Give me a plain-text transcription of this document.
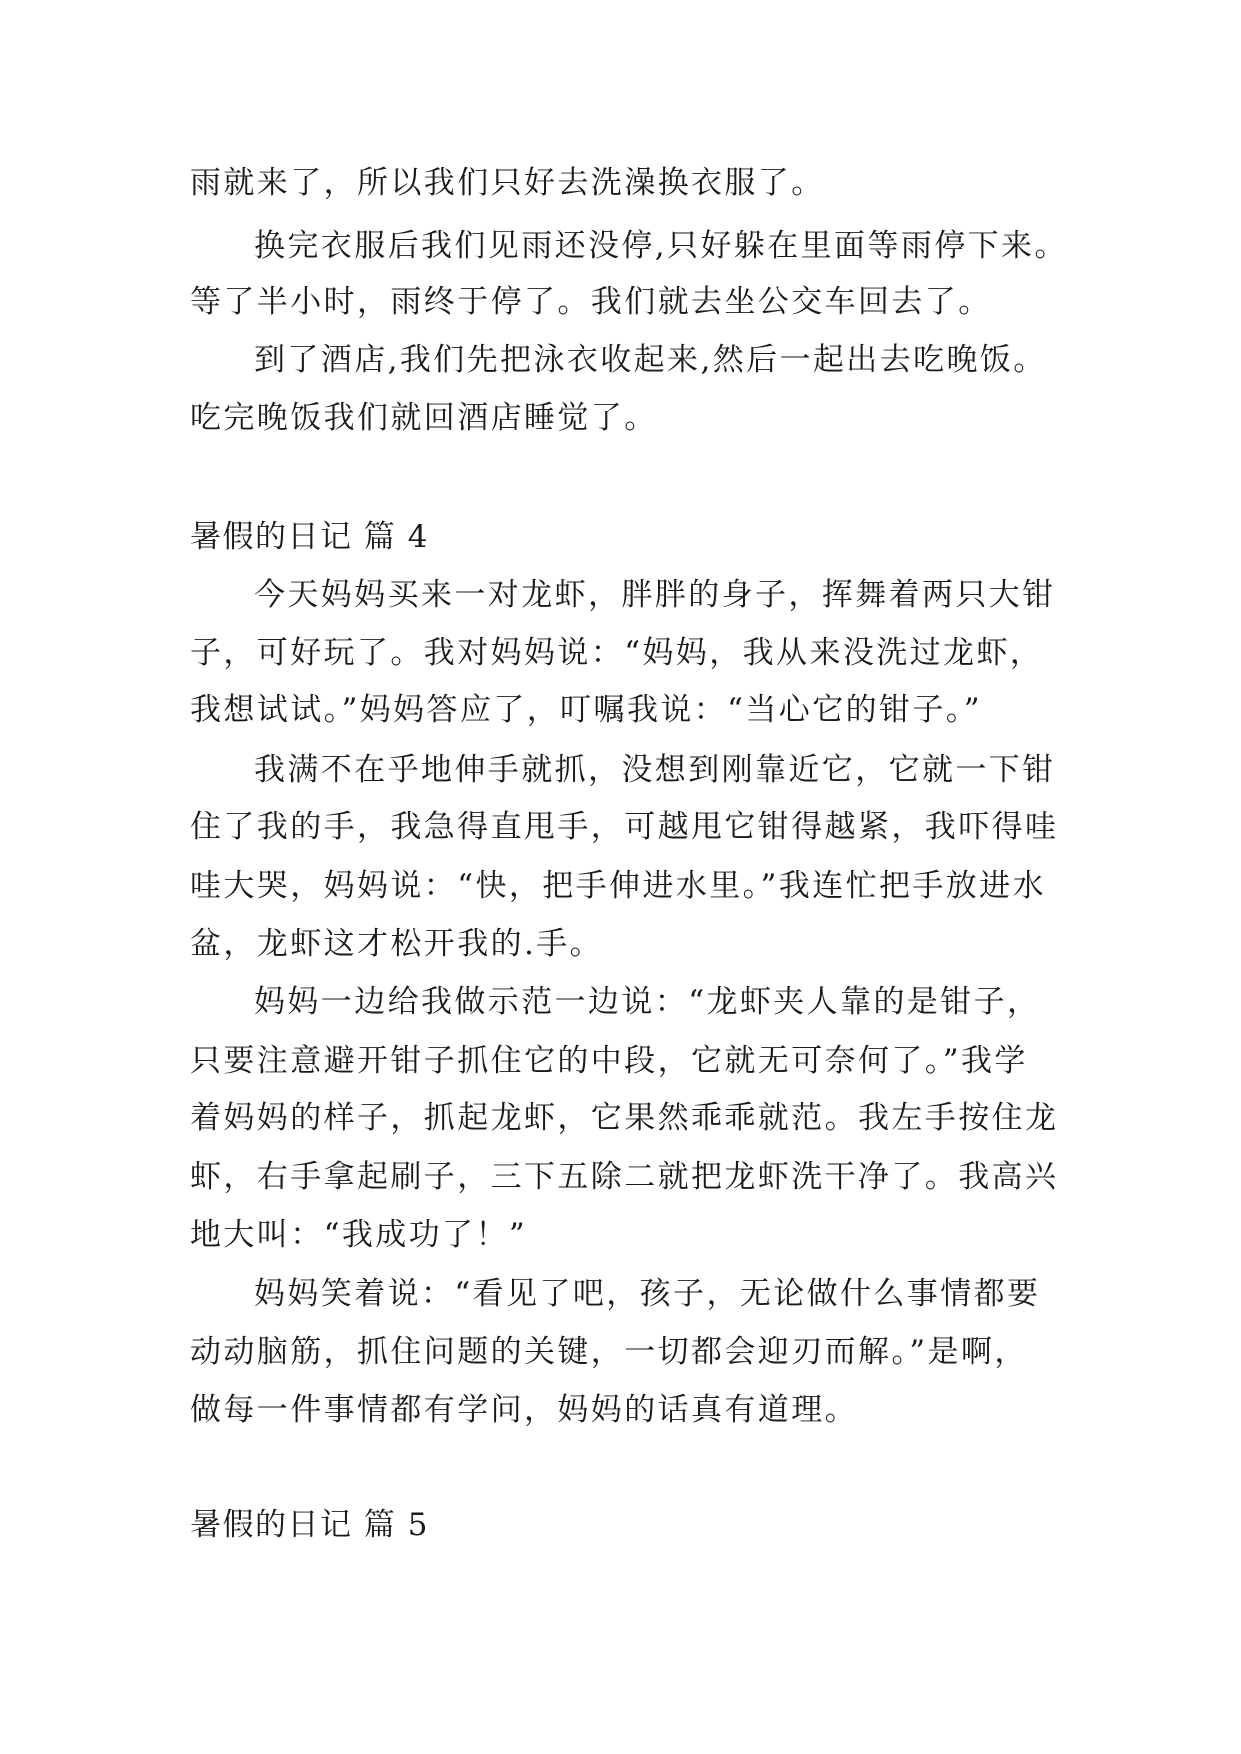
雨就来了，所以我们只好去洗澡换衣服了。
换完衣服后我们见雨还没停,只好躲在里面等雨停下来。
等了半小时，雨终于停了。我们就去坐公交车回去了。
到了酒店,我们先把泳衣收起来,然后一起出去吃晚饭。
吃完晚饭我们就回酒店睡觉了。
暑假的日记 篇 4
今天妈妈买来一对龙虾，胖胖的身子，挥舞着两只大钳
子，可好玩了。我对妈妈说：“妈妈，我从来没洗过龙虾，
我想试试。”妈妈答应了，叮嘱我说：“当心它的钳子。”
我满不在乎地伸手就抓，没想到刚靠近它，它就一下钳
住了我的手，我急得直甩手，可越甩它钳得越紧，我吓得哇
哇大哭，妈妈说：“快，把手伸进水里。”我连忙把手放进水
盆，龙虾这才松开我的.手。
妈妈一边给我做示范一边说：“龙虾夹人靠的是钳子，
只要注意避开钳子抓住它的中段，它就无可奈何了。”我学
着妈妈的样子，抓起龙虾，它果然乖乖就范。我左手按住龙
虾，右手拿起刷子，三下五除二就把龙虾洗干净了。我高兴
地大叫：“我成功了！”
妈妈笑着说：“看见了吧，孩子，无论做什么事情都要
动动脑筋，抓住问题的关键，一切都会迎刃而解。”是啊，
做每一件事情都有学问，妈妈的话真有道理。
暑假的日记 篇 5
